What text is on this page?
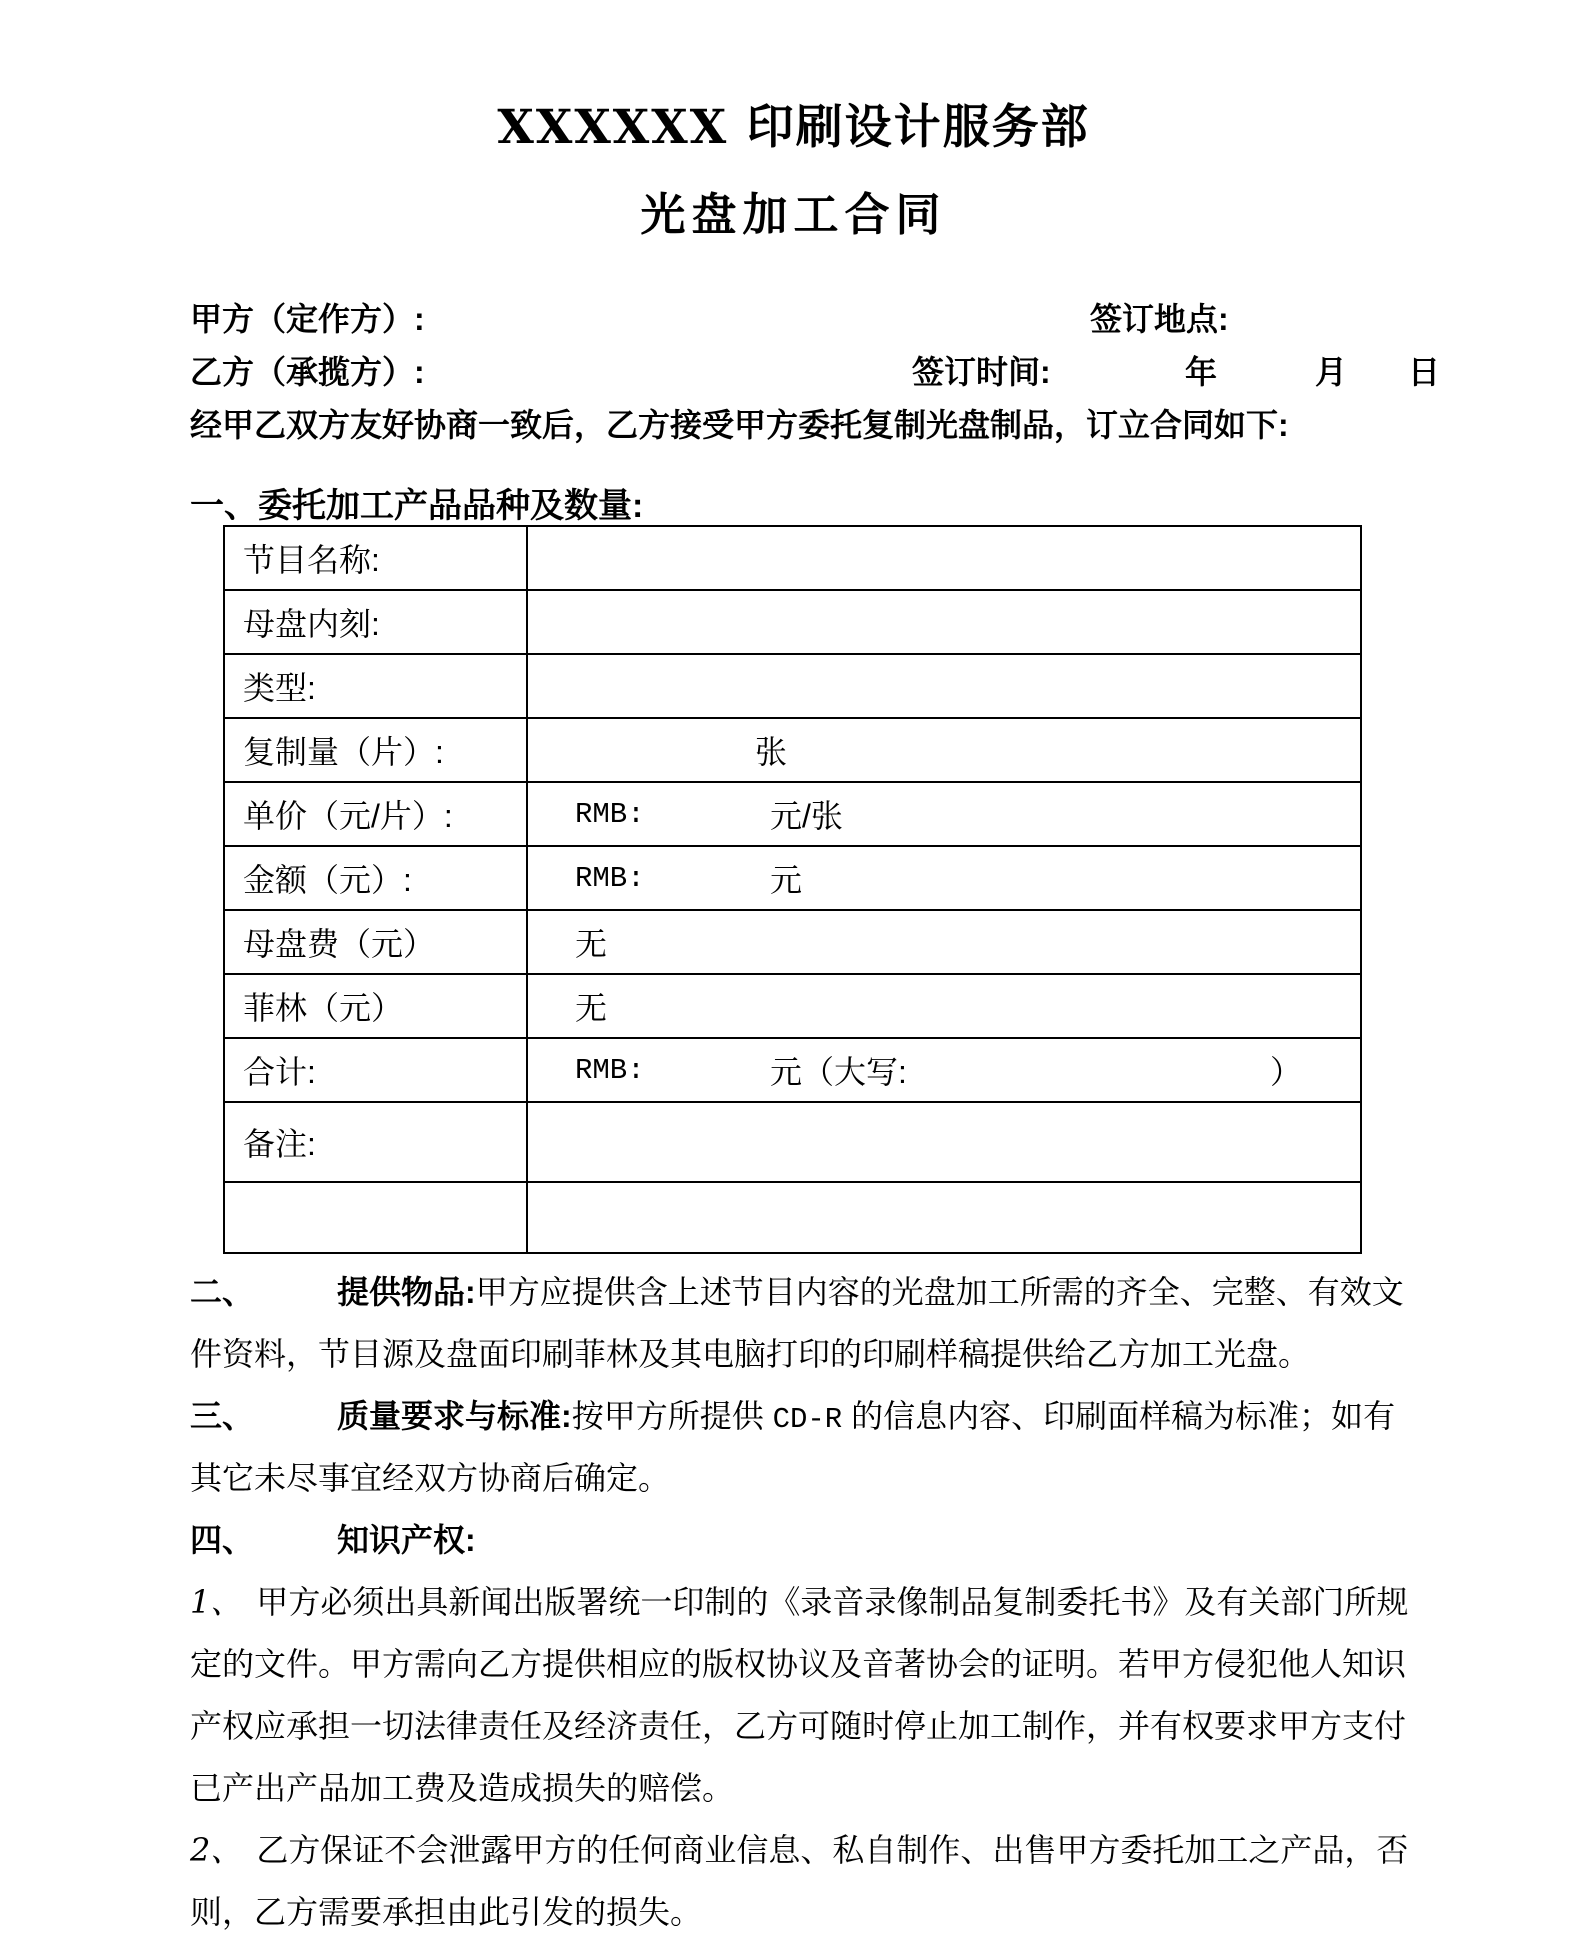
XXXXXX 印刷设计服务部
光盘加工合同
甲方（定作方）:	签订地点:
乙方（承揽方）:	签订时间:	年	月 日
经甲乙双方友好协商一致后，乙方接受甲方委托复制光盘制品，订立合同如下:
一、委托加工产品品种及数量:
节目名称:
母盘内刻:
类型:
复制量（片）:	张
单价（元/片）:	RMB:	元/张
金额（元）:	RMB:	元
母盘费（元）	无
菲林（元）	无
合计:	RMB:	元（大写:	）
备注:
二、	提供物品:甲方应提供含上述节目内容的光盘加工所需的齐全、完整、有效文
件资料，节目源及盘面印刷菲林及其电脑打印的印刷样稿提供给乙方加工光盘。
三、	质量要求与标准:按甲方所提供 CD-R 的信息内容、印刷面样稿为标准；如有
其它未尽事宜经双方协商后确定。
四、	知识产权:
1、 甲方必须出具新闻出版署统一印制的《录音录像制品复制委托书》及有关部门所规
定的文件。甲方需向乙方提供相应的版权协议及音著协会的证明。若甲方侵犯他人知识
产权应承担一切法律责任及经济责任，乙方可随时停止加工制作，并有权要求甲方支付
已产出产品加工费及造成损失的赔偿。
2、 乙方保证不会泄露甲方的任何商业信息、私自制作、出售甲方委托加工之产品，否
则，乙方需要承担由此引发的损失。
